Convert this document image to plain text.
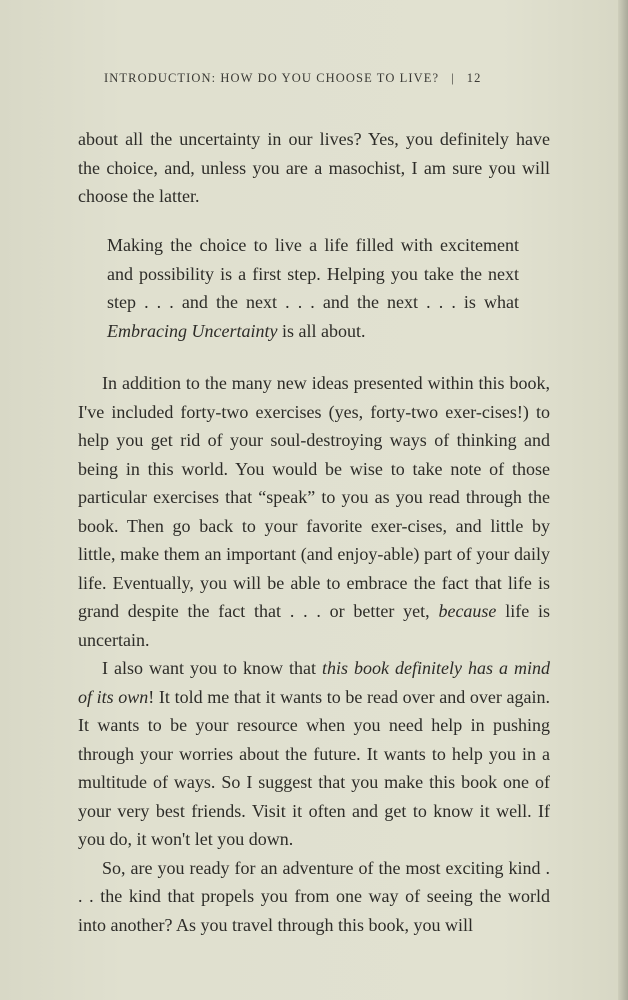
INTRODUCTION: HOW DO YOU CHOOSE TO LIVE? | 12

about all the uncertainty in our lives? Yes, you definitely have the choice, and, unless you are a masochist, I am sure you will choose the latter.

Making the choice to live a life filled with excitement and possibility is a first step. Helping you take the next step . . . and the next . . . and the next . . . is what Embracing Uncertainty is all about.

In addition to the many new ideas presented within this book, I've included forty-two exercises (yes, forty-two exer-cises!) to help you get rid of your soul-destroying ways of thinking and being in this world. You would be wise to take note of those particular exercises that “speak” to you as you read through the book. Then go back to your favorite exer-cises, and little by little, make them an important (and enjoy-able) part of your daily life. Eventually, you will be able to embrace the fact that life is grand despite the fact that . . . or better yet, because life is uncertain.

I also want you to know that this book definitely has a mind of its own! It told me that it wants to be read over and over again. It wants to be your resource when you need help in pushing through your worries about the future. It wants to help you in a multitude of ways. So I suggest that you make this book one of your very best friends. Visit it often and get to know it well. If you do, it won't let you down.

So, are you ready for an adventure of the most exciting kind . . . the kind that propels you from one way of seeing the world into another? As you travel through this book, you will
